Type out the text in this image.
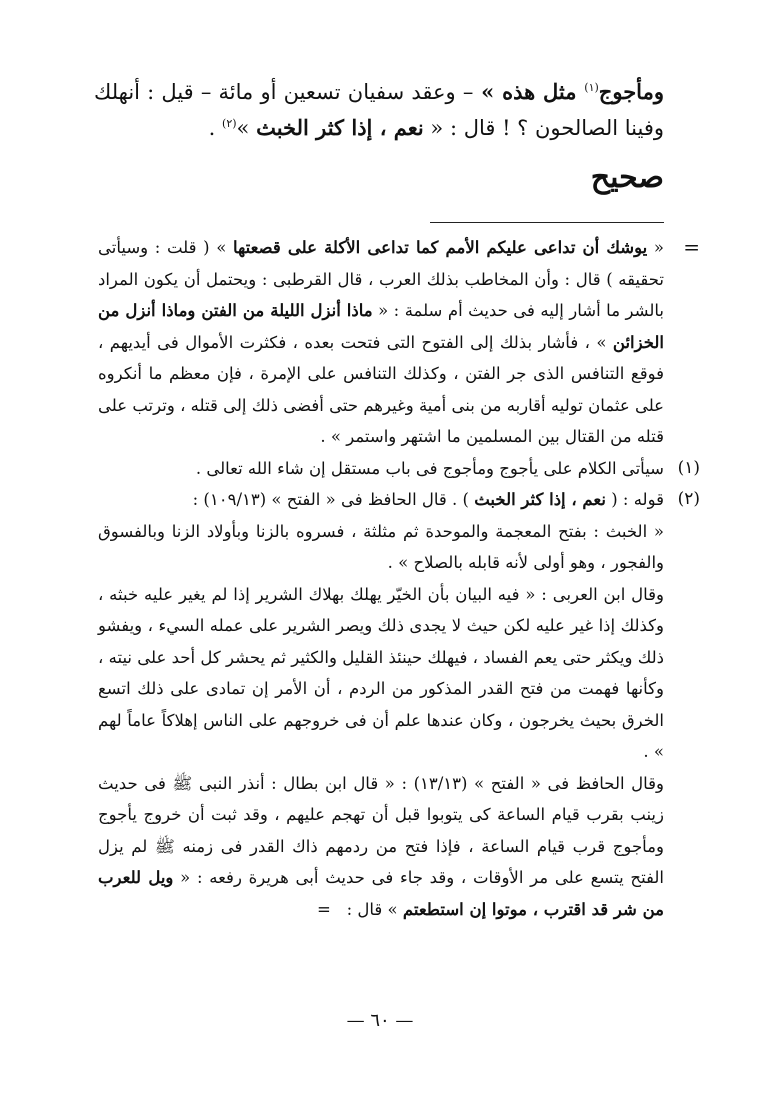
ومأجوج$^{(١)}$ مثل هذه » – وعقد سفيان تسعين أو مائة – قيل : أنهلك وفينا الصالحون ؟ ! قال : « نعم ، إذا كثر الخبث »$^{(٢)}$ .

صحيح
=

« يوشك أن تداعى عليكم الأمم كما تداعى الأكلة على قصعتها » ( قلت : وسيأتى تحقيقه ) قال : وأن المخاطب بذلك العرب ، قال القرطبى : ويحتمل أن يكون المراد بالشر ما أشار إليه فى حديث أم سلمة : « ماذا أنزل الليلة من الفتن وماذا أنزل من الخزائن » ، فأشار بذلك إلى الفتوح التى فتحت بعده ، فكثرت الأموال فى أيديهم ، فوقع التنافس الذى جر الفتن ، وكذلك التنافس على الإمرة ، فإن معظم ما أنكروه على عثمان توليه أقاربه من بنى أمية وغيرهم حتى أفضى ذلك إلى قتله ، وترتب على قتله من القتال بين المسلمين ما اشتهر واستمر » .

(١)

سيأتى الكلام على يأجوج ومأجوج فى باب مستقل إن شاء الله تعالى .

(٢)

قوله : ( نعم ، إذا كثر الخبث ) . قال الحافظ فى « الفتح » (١٠٩/١٣) :

« الخبث : بفتح المعجمة والموحدة ثم مثلثة ، فسروه بالزنا وبأولاد الزنا وبالفسوق والفجور ، وهو أولى لأنه قابله بالصلاح » .

وقال ابن العربى : « فيه البيان بأن الخيّر يهلك بهلاك الشرير إذا لم يغير عليه خبثه ، وكذلك إذا غير عليه لكن حيث لا يجدى ذلك ويصر الشرير على عمله السيء ، ويفشو ذلك ويكثر حتى يعم الفساد ، فيهلك حينئذ القليل والكثير ثم يحشر كل أحد على نيته ، وكأنها فهمت من فتح القدر المذكور من الردم ، أن الأمر إن تمادى على ذلك اتسع الخرق بحيث يخرجون ، وكان عندها علم أن فى خروجهم على الناس إهلاكاً عاماً لهم » .

وقال الحافظ فى « الفتح » (١٣/١٣) : « قال ابن بطال : أنذر النبى ﷺ فى حديث زينب بقرب قيام الساعة كى يتوبوا قبل أن تهجم عليهم ، وقد ثبت أن خروج يأجوج ومأجوج قرب قيام الساعة ، فإذا فتح من ردمهم ذاك القدر فى زمنه ﷺ لم يزل الفتح يتسع على مر الأوقات ، وقد جاء فى حديث أبى هريرة رفعه : « ويل للعرب من شر قد اقترب ، موتوا إن استطعتم » قال :   =

— ٦٠ —
